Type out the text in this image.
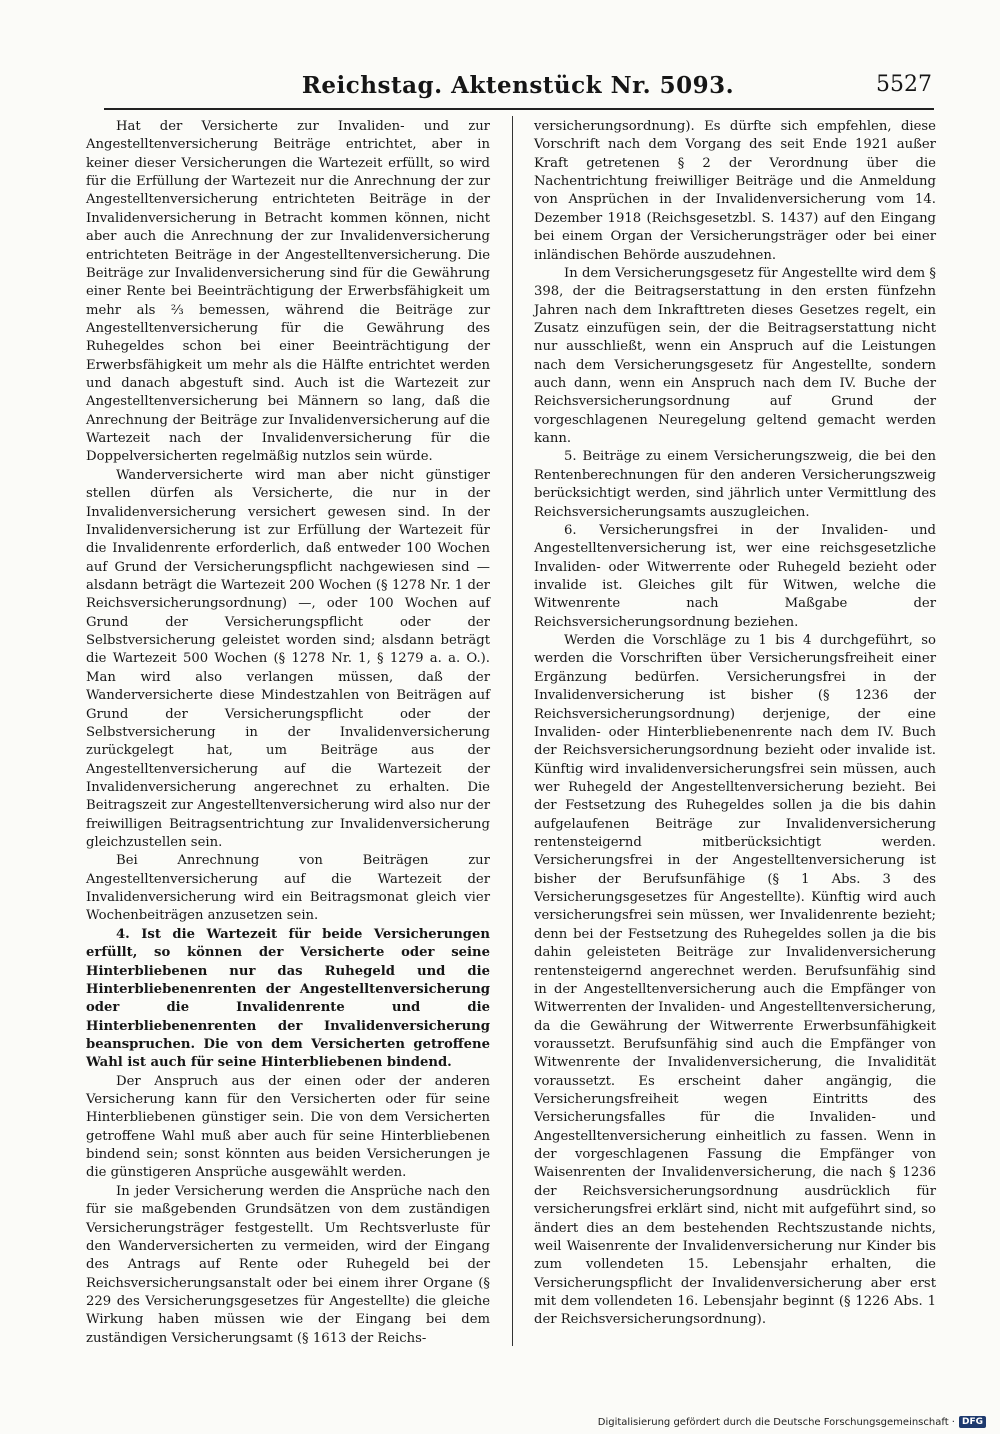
Reichstag. Aktenstück Nr. 5093.	5527

Hat der Versicherte zur Invaliden- und zur Angestelltenversicherung Beiträge entrichtet, aber in keiner dieser Versicherungen die Wartezeit erfüllt, so wird für die Erfüllung der Wartezeit nur die Anrechnung der zur Angestelltenversicherung entrichteten Beiträge in der Invalidenversicherung in Betracht kommen können, nicht aber auch die Anrechnung der zur Invalidenversicherung entrichteten Beiträge in der Angestelltenversicherung. Die Beiträge zur Invalidenversicherung sind für die Gewährung einer Rente bei Beeinträchtigung der Erwerbsfähigkeit um mehr als ⅔ bemessen, während die Beiträge zur Angestelltenversicherung für die Gewährung des Ruhegeldes schon bei einer Beeinträchtigung der Erwerbsfähigkeit um mehr als die Hälfte entrichtet werden und danach abgestuft sind. Auch ist die Wartezeit zur Angestelltenversicherung bei Männern so lang, daß die Anrechnung der Beiträge zur Invalidenversicherung auf die Wartezeit nach der Invalidenversicherung für die Doppelversicherten regelmäßig nutzlos sein würde.

Wanderversicherte wird man aber nicht günstiger stellen dürfen als Versicherte, die nur in der Invalidenversicherung versichert gewesen sind. In der Invalidenversicherung ist zur Erfüllung der Wartezeit für die Invalidenrente erforderlich, daß entweder 100 Wochen auf Grund der Versicherungspflicht nachgewiesen sind — alsdann beträgt die Wartezeit 200 Wochen (§ 1278 Nr. 1 der Reichsversicherungsordnung) —, oder 100 Wochen auf Grund der Versicherungspflicht oder der Selbstversicherung geleistet worden sind; alsdann beträgt die Wartezeit 500 Wochen (§ 1278 Nr. 1, § 1279 a. a. O.). Man wird also verlangen müssen, daß der Wanderversicherte diese Mindestzahlen von Beiträgen auf Grund der Versicherungspflicht oder der Selbstversicherung in der Invalidenversicherung zurückgelegt hat, um Beiträge aus der Angestelltenversicherung auf die Wartezeit der Invalidenversicherung angerechnet zu erhalten. Die Beitragszeit zur Angestelltenversicherung wird also nur der freiwilligen Beitragsentrichtung zur Invalidenversicherung gleichzustellen sein.

Bei Anrechnung von Beiträgen zur Angestelltenversicherung auf die Wartezeit der Invalidenversicherung wird ein Beitragsmonat gleich vier Wochenbeiträgen anzusetzen sein.

4. Ist die Wartezeit für beide Versicherungen erfüllt, so können der Versicherte oder seine Hinterbliebenen nur das Ruhegeld und die Hinterbliebenenrenten der Angestelltenversicherung oder die Invalidenrente und die Hinterbliebenenrenten der Invalidenversicherung beanspruchen. Die von dem Versicherten getroffene Wahl ist auch für seine Hinterbliebenen bindend.

Der Anspruch aus der einen oder der anderen Versicherung kann für den Versicherten oder für seine Hinterbliebenen günstiger sein. Die von dem Versicherten getroffene Wahl muß aber auch für seine Hinterbliebenen bindend sein; sonst könnten aus beiden Versicherungen je die günstigeren Ansprüche ausgewählt werden.

In jeder Versicherung werden die Ansprüche nach den für sie maßgebenden Grundsätzen von dem zuständigen Versicherungsträger festgestellt. Um Rechtsverluste für den Wanderversicherten zu vermeiden, wird der Eingang des Antrags auf Rente oder Ruhegeld bei der Reichsversicherungsanstalt oder bei einem ihrer Organe (§ 229 des Versicherungsgesetzes für Angestellte) die gleiche Wirkung haben müssen wie der Eingang bei dem zuständigen Versicherungsamt (§ 1613 der Reichs-

versicherungsordnung). Es dürfte sich empfehlen, diese Vorschrift nach dem Vorgang des seit Ende 1921 außer Kraft getretenen § 2 der Verordnung über die Nachentrichtung freiwilliger Beiträge und die Anmeldung von Ansprüchen in der Invalidenversicherung vom 14. Dezember 1918 (Reichsgesetzbl. S. 1437) auf den Eingang bei einem Organ der Versicherungsträger oder bei einer inländischen Behörde auszudehnen.

In dem Versicherungsgesetz für Angestellte wird dem § 398, der die Beitragserstattung in den ersten fünfzehn Jahren nach dem Inkrafttreten dieses Gesetzes regelt, ein Zusatz einzufügen sein, der die Beitragserstattung nicht nur ausschließt, wenn ein Anspruch auf die Leistungen nach dem Versicherungsgesetz für Angestellte, sondern auch dann, wenn ein Anspruch nach dem IV. Buche der Reichsversicherungsordnung auf Grund der vorgeschlagenen Neuregelung geltend gemacht werden kann.

5. Beiträge zu einem Versicherungszweig, die bei den Rentenberechnungen für den anderen Versicherungszweig berücksichtigt werden, sind jährlich unter Vermittlung des Reichsversicherungsamts auszugleichen.

6. Versicherungsfrei in der Invaliden- und Angestelltenversicherung ist, wer eine reichsgesetzliche Invaliden- oder Witwerrente oder Ruhegeld bezieht oder invalide ist. Gleiches gilt für Witwen, welche die Witwenrente nach Maßgabe der Reichsversicherungsordnung beziehen.

Werden die Vorschläge zu 1 bis 4 durchgeführt, so werden die Vorschriften über Versicherungsfreiheit einer Ergänzung bedürfen. Versicherungsfrei in der Invalidenversicherung ist bisher (§ 1236 der Reichsversicherungsordnung) derjenige, der eine Invaliden- oder Hinterbliebenenrente nach dem IV. Buch der Reichsversicherungsordnung bezieht oder invalide ist. Künftig wird invalidenversicherungsfrei sein müssen, auch wer Ruhegeld der Angestelltenversicherung bezieht. Bei der Festsetzung des Ruhegeldes sollen ja die bis dahin aufgelaufenen Beiträge zur Invalidenversicherung rentensteigernd mitberücksichtigt werden. Versicherungsfrei in der Angestelltenversicherung ist bisher der Berufsunfähige (§ 1 Abs. 3 des Versicherungsgesetzes für Angestellte). Künftig wird auch versicherungsfrei sein müssen, wer Invalidenrente bezieht; denn bei der Festsetzung des Ruhegeldes sollen ja die bis dahin geleisteten Beiträge zur Invalidenversicherung rentensteigernd angerechnet werden. Berufsunfähig sind in der Angestelltenversicherung auch die Empfänger von Witwerrenten der Invaliden- und Angestelltenversicherung, da die Gewährung der Witwerrente Erwerbsunfähigkeit voraussetzt. Berufsunfähig sind auch die Empfänger von Witwenrente der Invalidenversicherung, die Invalidität voraussetzt. Es erscheint daher angängig, die Versicherungsfreiheit wegen Eintritts des Versicherungsfalles für die Invaliden- und Angestelltenversicherung einheitlich zu fassen. Wenn in der vorgeschlagenen Fassung die Empfänger von Waisenrenten der Invalidenversicherung, die nach § 1236 der Reichsversicherungsordnung ausdrücklich für versicherungsfrei erklärt sind, nicht mit aufgeführt sind, so ändert dies an dem bestehenden Rechtszustande nichts, weil Waisenrente der Invalidenversicherung nur Kinder bis zum vollendeten 15. Lebensjahr erhalten, die Versicherungspflicht der Invalidenversicherung aber erst mit dem vollendeten 16. Lebensjahr beginnt (§ 1226 Abs. 1 der Reichsversicherungsordnung).

Digitalisierung gefördert durch die Deutsche Forschungsgemeinschaft · DFG
